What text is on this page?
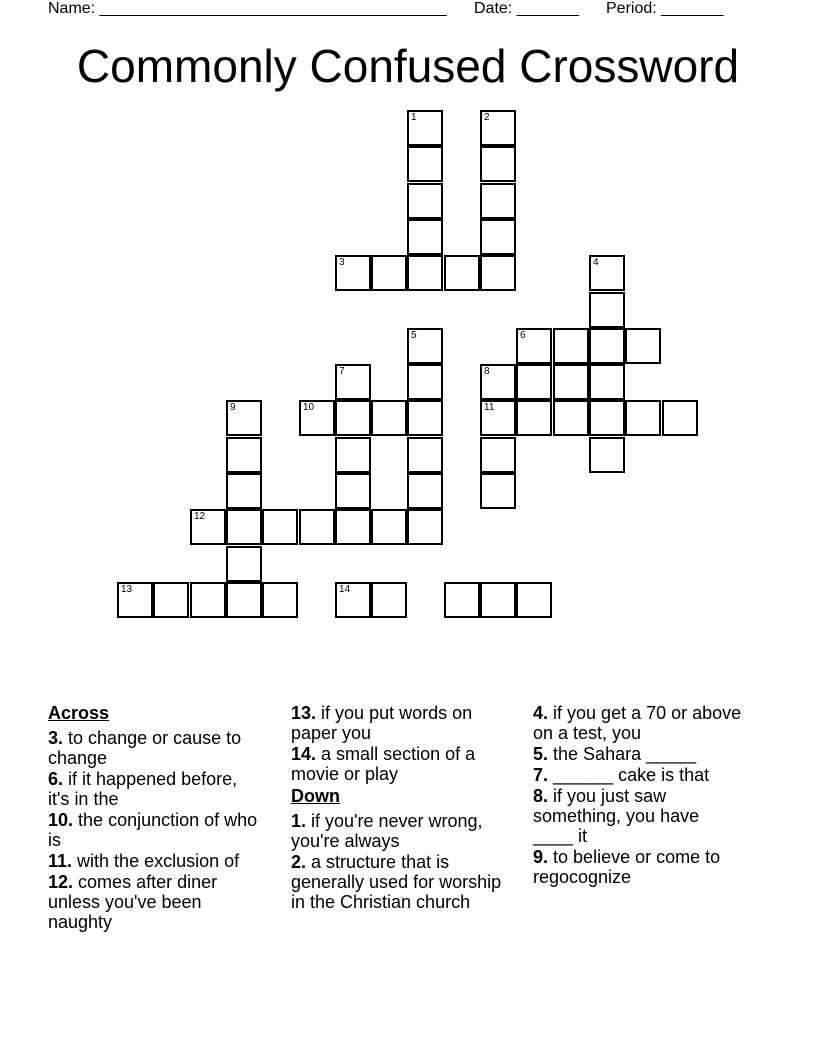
Name: _______________________________________ Date: _______ Period: _______
Commonly Confused Crossword
1	2
3	4
5	6
7	8
10	11
9
12
13	14
Across
3. to change or cause to change
6. if it happened before, it's in the
10. the conjunction of who is
11. with the exclusion of
12. comes after diner unless you've been naughty
13. if you put words on paper you
14. a small section of a movie or play
Down
1. if you're never wrong, you're always
2. a structure that is generally used for worship in the Christian church
4. if you get a 70 or above on a test, you
5. the Sahara _____
7. ______ cake is that
8. if you just saw something, you have ____ it
9. to believe or come to regocognize
